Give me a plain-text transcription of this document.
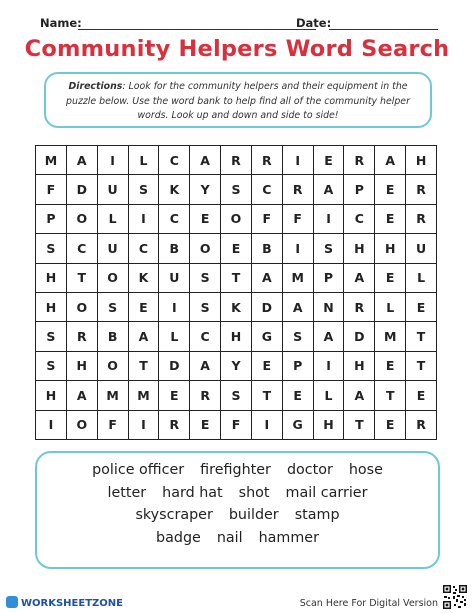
Name:	Date:
Community Helpers Word Search
Directions: Look for the community helpers and their equipment in the puzzle below. Use the word bank to help find all of the community helper words. Look up and down and side to side!
M	A	I	L	C	A	R	R	I	E	R	A	H
F	D	U	S	K	Y	S	C	R	A	P	E	R
P	O	L	I	C	E	O	F	F	I	C	E	R
S	C	U	C	B	O	E	B	I	S	H	H	U
H	T	O	K	U	S	T	A	M	P	A	E	L
H	O	S	E	I	S	K	D	A	N	R	L	E
S	R	B	A	L	C	H	G	S	A	D	M	T
S	H	O	T	D	A	Y	E	P	I	H	E	T
H	A	M	M	E	R	S	T	E	L	A	T	E
I	O	F	I	R	E	F	I	G	H	T	E	R
police officer firefighter doctor hose
letter hard hat shot mail carrier
skyscraper builder stamp
badge nail hammer
WORKSHEETZONE	Scan Here For Digital Version
